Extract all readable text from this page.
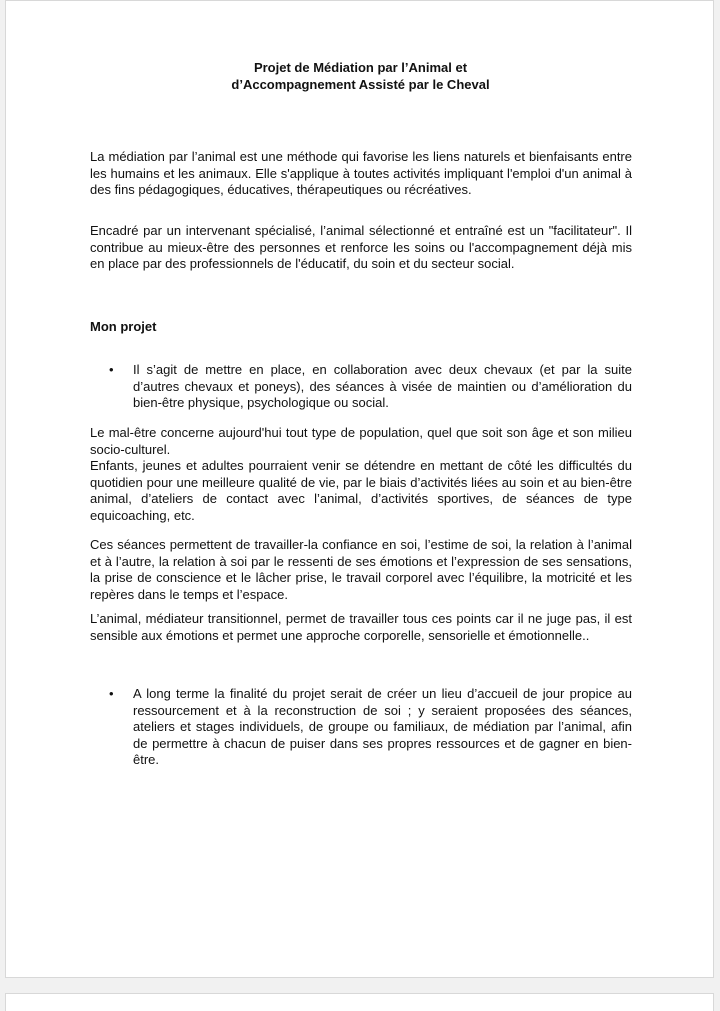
Projet de Médiation par l’Animal et
d’Accompagnement Assisté par le Cheval

La médiation par l’animal est une méthode qui favorise les liens naturels et bienfaisants entre les humains et les animaux. Elle s'applique à toutes activités impliquant l'emploi d'un animal à des fins pédagogiques, éducatives, thérapeutiques ou récréatives.

Encadré par un intervenant spécialisé, l’animal sélectionné et entraîné est un "facilitateur". Il contribue au mieux-être des personnes et renforce les soins ou l'accompagnement déjà mis en place par des professionnels de l'éducatif, du soin et du secteur social.

Mon projet
• Il s’agit de mettre en place, en collaboration avec deux chevaux (et par la suite d’autres chevaux et poneys), des séances à visée de maintien ou d’amélioration du bien-être physique, psychologique ou social.
Le mal-être concerne aujourd'hui tout type de population, quel que soit son âge et son milieu socio-culturel.
Enfants, jeunes et adultes pourraient venir se détendre en mettant de côté les difficultés du quotidien pour une meilleure qualité de vie, par le biais d’activités liées au soin et au bien-être animal, d’ateliers de contact avec l’animal, d’activités sportives, de séances de type equicoaching, etc.

Ces séances permettent de travailler-la confiance en soi, l’estime de soi, la relation à l’animal et à l’autre, la relation à soi par le ressenti de ses émotions et l’expression de ses sensations, la prise de conscience et le lâcher prise, le travail corporel avec l’équilibre, la motricité et les repères dans le temps et l’espace.

L’animal, médiateur transitionnel, permet de travailler tous ces points car il ne juge pas, il est sensible aux émotions et permet une approche corporelle, sensorielle et émotionnelle..

• A long terme la finalité du projet serait de créer un lieu d’accueil de jour propice au ressourcement et à la reconstruction de soi ; y seraient proposées des séances, ateliers et stages individuels, de groupe ou familiaux, de médiation par l’animal, afin de permettre à chacun de puiser dans ses propres ressources et de gagner en bien-être.
